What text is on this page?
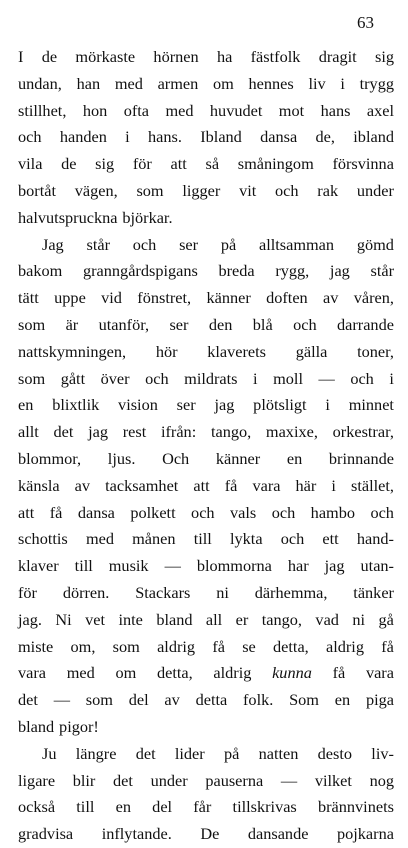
63
I de mörkaste hörnen ha fästfolk dragit sig
undan, han med armen om hennes liv i trygg
stillhet, hon ofta med huvudet mot hans axel
och handen i hans. Ibland dansa de, ibland
vila de sig för att så småningom försvinna
bortåt vägen, som ligger vit och rak under
halvutspruckna björkar.
Jag står och ser på alltsamman gömd
bakom granngårdspigans breda rygg, jag står
tätt uppe vid fönstret, känner doften av våren,
som är utanför, ser den blå och darrande
nattskymningen, hör klaverets gälla toner,
som gått över och mildrats i moll — och i
en blixtlik vision ser jag plötsligt i minnet
allt det jag rest ifrån: tango, maxixe, orkestrar,
blommor, ljus. Och känner en brinnande
känsla av tacksamhet att få vara här i stället,
att få dansa polkett och vals och hambo och
schottis med månen till lykta och ett hand-
klaver till musik — blommorna har jag utan-
för dörren. Stackars ni därhemma, tänker
jag. Ni vet inte bland all er tango, vad ni gå
miste om, som aldrig få se detta, aldrig få
vara med om detta, aldrig kunna få vara
det — som del av detta folk. Som en piga
bland pigor!
Ju längre det lider på natten desto liv-
ligare blir det under pauserna — vilket nog
också till en del får tillskrivas brännvinets
gradvisa inflytande. De dansande pojkarna
